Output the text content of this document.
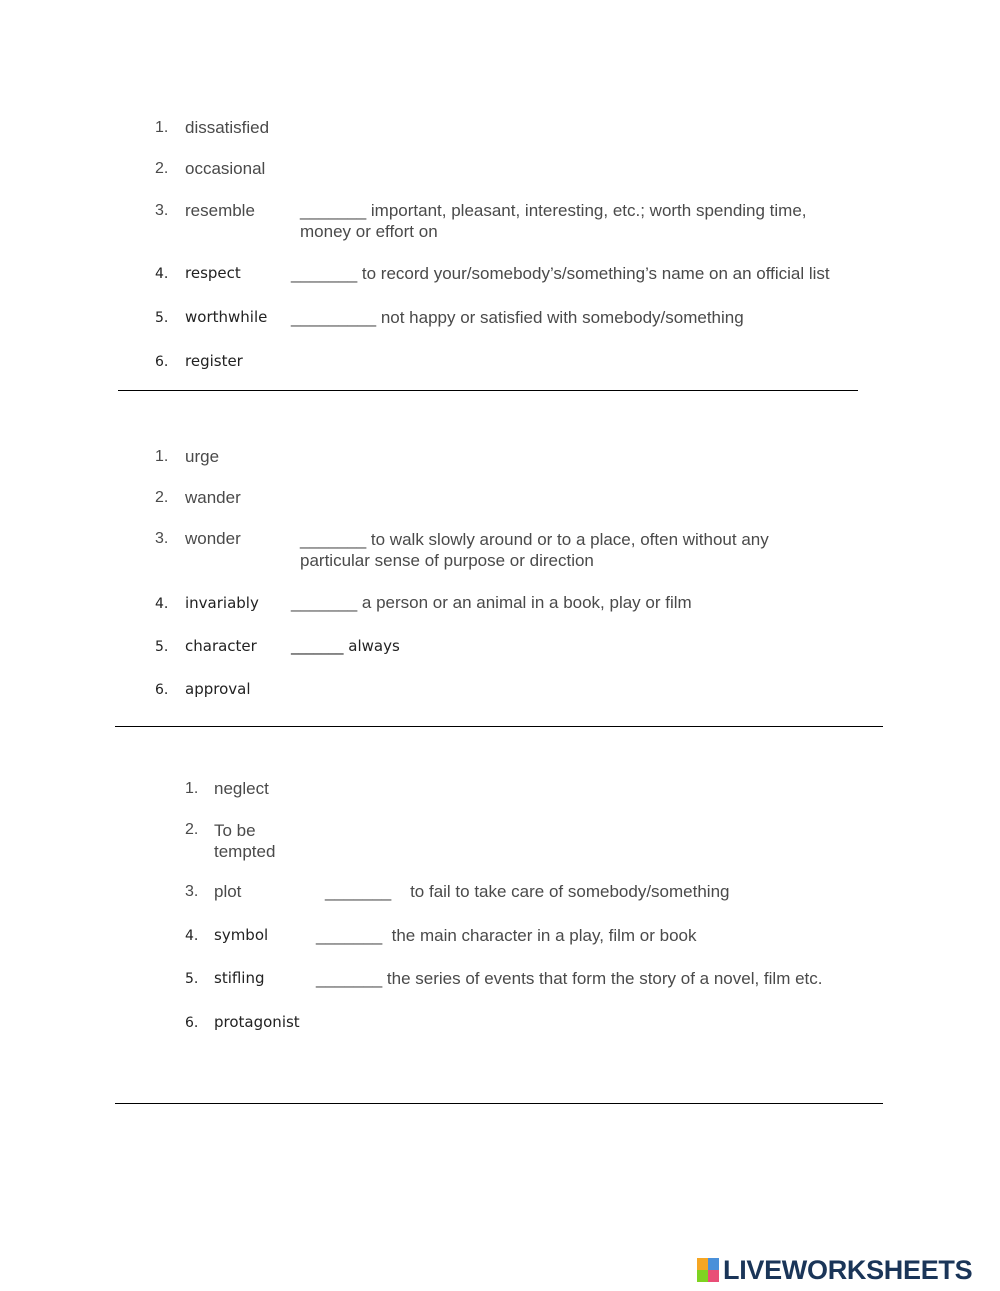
1. dissatisfied
2. occasional
3. resemble	_______ important, pleasant, interesting, etc.; worth spending time, money or effort on
4. respect	_______ to record your/somebody’s/something’s name on an official list
5. worthwhile _________ not happy or satisfied with somebody/something
6. register
1. urge
2. wander
3. wonder	_______ to walk slowly around or to a place, often without any particular sense of purpose or direction
4. invariably _______ a person or an animal in a book, play or film
5. character _______ always
6. approval
1. neglect
2. To be tempted
3. plot	_______    to fail to take care of somebody/something
4. symbol	_______  the main character in a play, film or book
5. stifling	_______ the series of events that form the story of a novel, film etc.
6. protagonist
LIVEWORKSHEETS
